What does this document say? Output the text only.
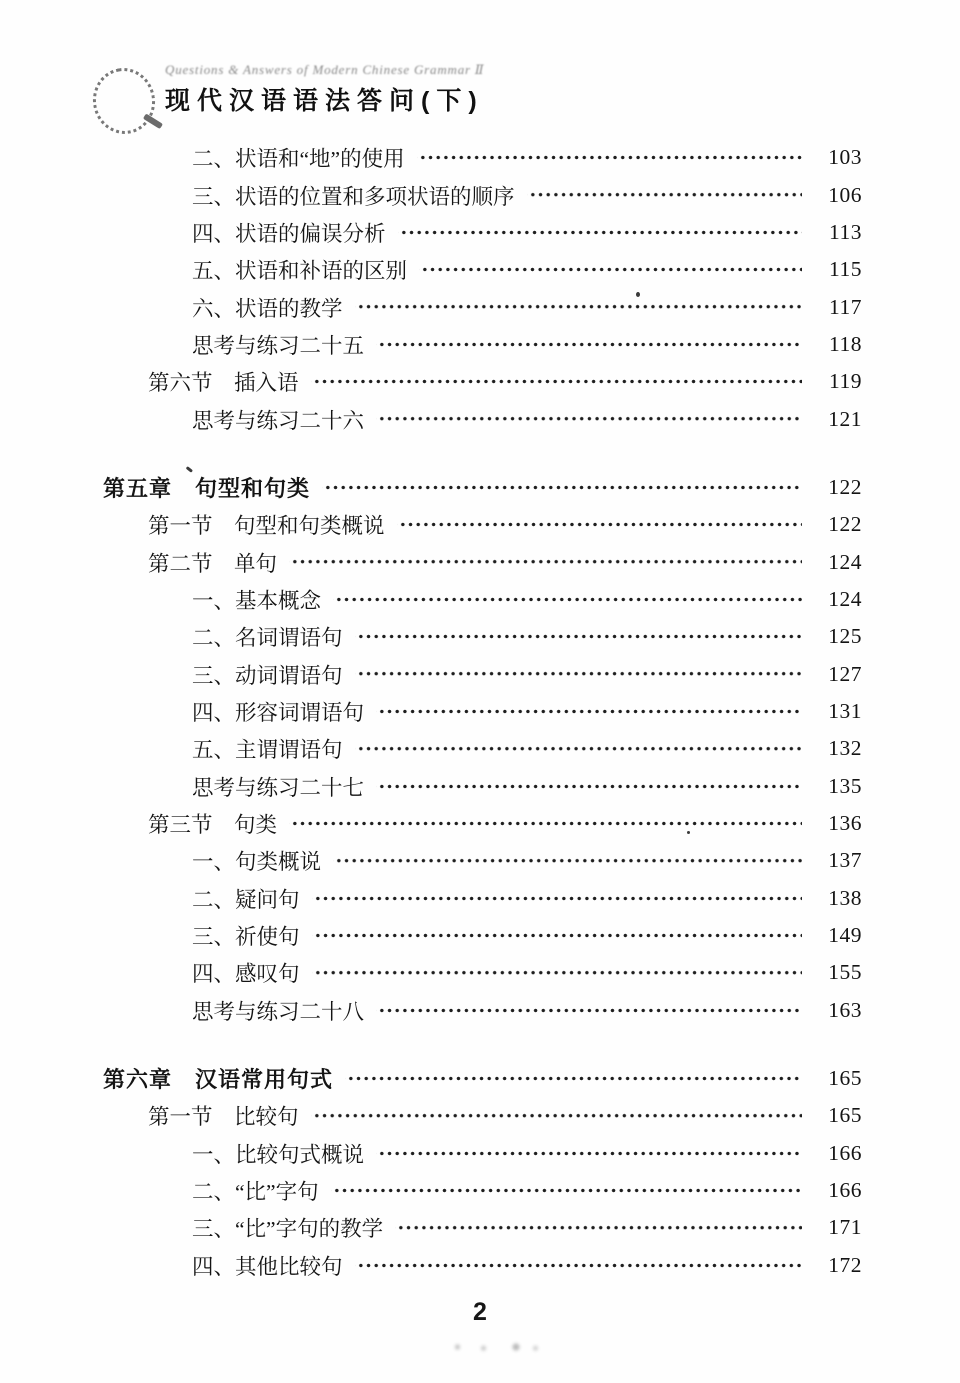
Questions & Answers of Modern Chinese Grammar Ⅱ
现代汉语语法答问(下)
二、状语和“地”的使用	103
三、状语的位置和多项状语的顺序	106
四、状语的偏误分析	113
五、状语和补语的区别	115
六、状语的教学	117
思考与练习二十五	118
第六节　插入语	119
思考与练习二十六	121
第五章　句型和句类	122
第一节　句型和句类概说	122
第二节　单句	124
一、基本概念	124
二、名词谓语句	125
三、动词谓语句	127
四、形容词谓语句	131
五、主谓谓语句	132
思考与练习二十七	135
第三节　句类	136
一、句类概说	137
二、疑问句	138
三、祈使句	149
四、感叹句	155
思考与练习二十八	163
第六章　汉语常用句式	165
第一节　比较句	165
一、比较句式概说	166
二、“比”字句	166
三、“比”字句的教学	171
四、其他比较句	172
2
